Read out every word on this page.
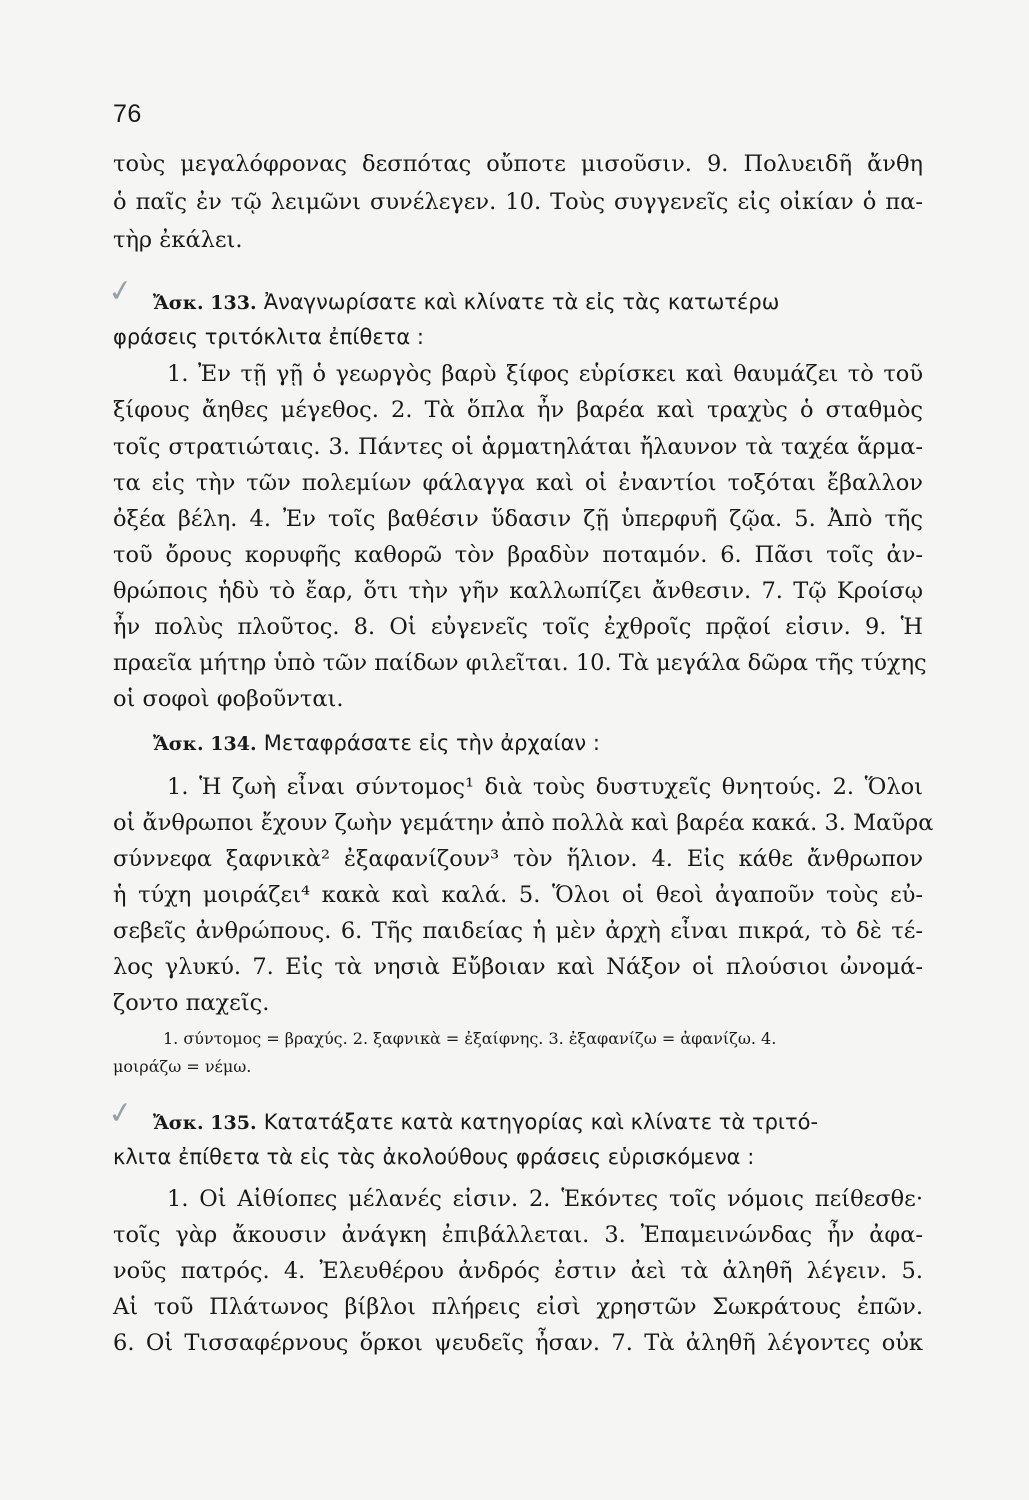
76
τοὺς μεγαλόφρονας δεσπότας οὔποτε μισοῦσιν. 9. Πολυειδῆ ἄνθη
ὁ παῖς ἐν τῷ λειμῶνι συνέλεγεν. 10. Τοὺς συγγενεῖς εἰς οἰκίαν ὁ πα-
τὴρ ἐκάλει.
✓ Ἄσκ. 133. Ἀναγνωρίσατε καὶ κλίνατε τὰ εἰς τὰς κατωτέρω
φράσεις τριτόκλιτα ἐπίθετα :
1. Ἐν τῇ γῇ ὁ γεωργὸς βαρὺ ξίφος εὑρίσκει καὶ θαυμάζει τὸ τοῦ
ξίφους ἄηθες μέγεθος. 2. Τὰ ὅπλα ἦν βαρέα καὶ τραχὺς ὁ σταθμὸς
τοῖς στρατιώταις. 3. Πάντες οἱ ἁρματηλάται ἤλαυνον τὰ ταχέα ἅρμα-
τα εἰς τὴν τῶν πολεμίων φάλαγγα καὶ οἱ ἐναντίοι τοξόται ἔβαλλον
ὀξέα βέλη. 4. Ἐν τοῖς βαθέσιν ὕδασιν ζῇ ὑπερφυῆ ζῷα. 5. Ἀπὸ τῆς
τοῦ ὄρους κορυφῆς καθορῶ τὸν βραδὺν ποταμόν. 6. Πᾶσι τοῖς ἀν-
θρώποις ἡδὺ τὸ ἔαρ, ὅτι τὴν γῆν καλλωπίζει ἄνθεσιν. 7. Τῷ Κροίσῳ
ἦν πολὺς πλοῦτος. 8. Οἱ εὐγενεῖς τοῖς ἐχθροῖς πρᾷοί εἰσιν. 9. Ἡ
πραεῖα μήτηρ ὑπὸ τῶν παίδων φιλεῖται. 10. Τὰ μεγάλα δῶρα τῆς τύχης
οἱ σοφοὶ φοβοῦνται.
Ἄσκ. 134. Μεταφράσατε εἰς τὴν ἀρχαίαν :
1. Ἡ ζωὴ εἶναι σύντομος¹ διὰ τοὺς δυστυχεῖς θνητούς. 2. Ὅλοι
οἱ ἄνθρωποι ἔχουν ζωὴν γεμάτην ἀπὸ πολλὰ καὶ βαρέα κακά. 3. Μαῦρα
σύννεφα ξαφνικὰ² ἐξαφανίζουν³ τὸν ἥλιον. 4. Εἰς κάθε ἄνθρωπον
ἡ τύχη μοιράζει⁴ κακὰ καὶ καλά. 5. Ὅλοι οἱ θεοὶ ἀγαποῦν τοὺς εὐ-
σεβεῖς ἀνθρώπους. 6. Τῆς παιδείας ἡ μὲν ἀρχὴ εἶναι πικρά, τὸ δὲ τέ-
λος γλυκύ. 7. Εἰς τὰ νησιὰ Εὔβοιαν καὶ Νάξον οἱ πλούσιοι ὠνομά-
ζοντο παχεῖς.
1. σύντομος = βραχύς. 2. ξαφνικὰ = ἐξαίφνης. 3. ἐξαφανίζω = ἀφανίζω. 4.
μοιράζω = νέμω.
✓ Ἄσκ. 135. Κατατάξατε κατὰ κατηγορίας καὶ κλίνατε τὰ τριτό-
κλιτα ἐπίθετα τὰ εἰς τὰς ἀκολούθους φράσεις εὑρισκόμενα :
1. Οἱ Αἰθίοπες μέλανές εἰσιν. 2. Ἑκόντες τοῖς νόμοις πείθεσθε·
τοῖς γὰρ ἄκουσιν ἀνάγκη ἐπιβάλλεται. 3. Ἐπαμεινώνδας ἦν ἀφα-
νοῦς πατρός. 4. Ἐλευθέρου ἀνδρός ἐστιν ἀεὶ τὰ ἀληθῆ λέγειν. 5.
Αἱ τοῦ Πλάτωνος βίβλοι πλήρεις εἰσὶ χρηστῶν Σωκράτους ἐπῶν.
6. Οἱ Τισσαφέρνους ὅρκοι ψευδεῖς ἦσαν. 7. Τὰ ἀληθῆ λέγοντες οὐκ
